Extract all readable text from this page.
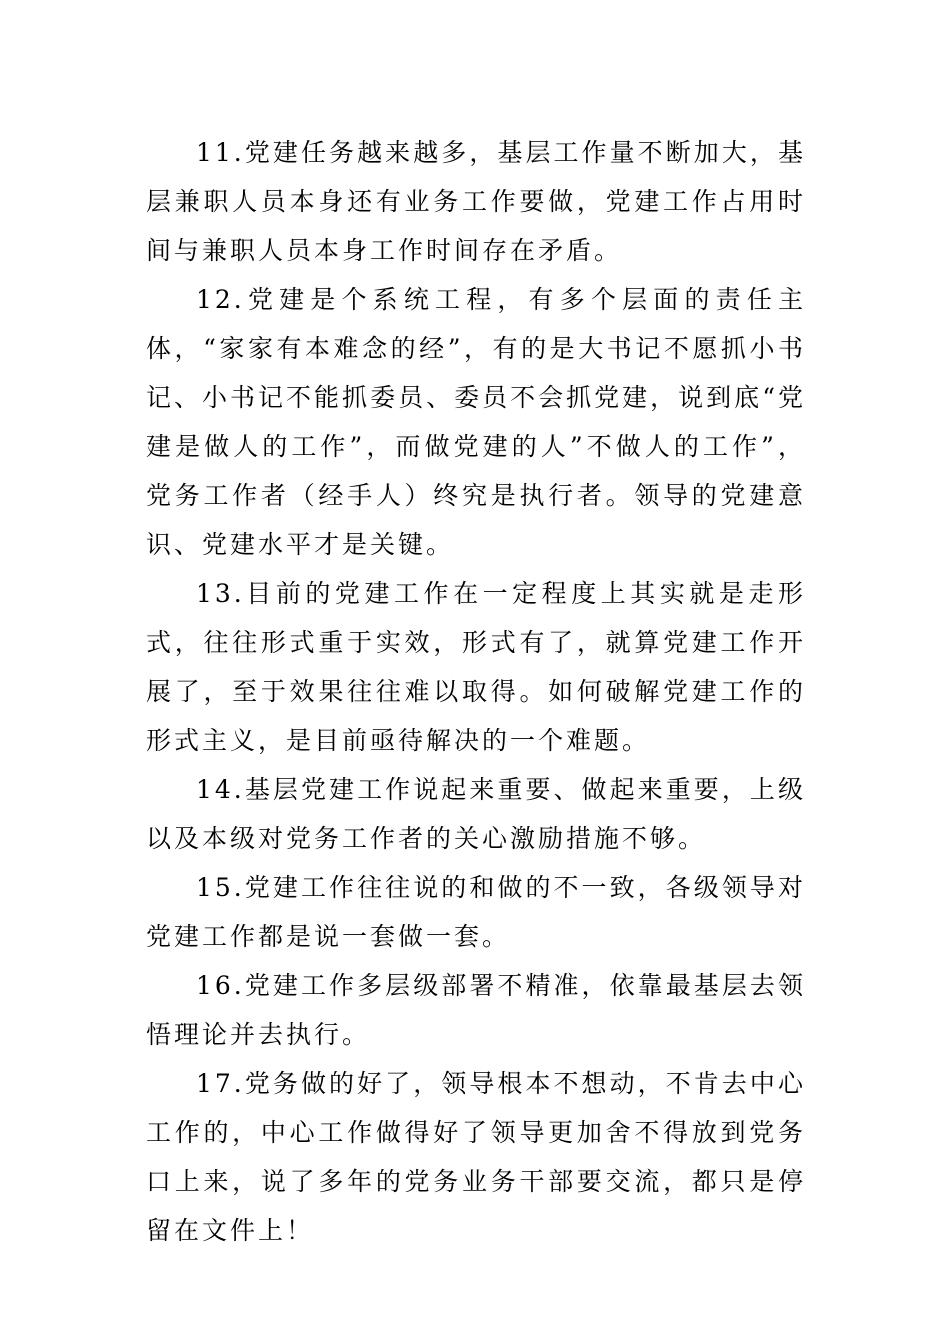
11.党建任务越来越多，基层工作量不断加大，基层兼职人员本身还有业务工作要做，党建工作占用时间与兼职人员本身工作时间存在矛盾。

12.党建是个系统工程，有多个层面的责任主体，“家家有本难念的经”，有的是大书记不愿抓小书记、小书记不能抓委员、委员不会抓党建，说到底“党建是做人的工作”，而做党建的人”不做人的工作”，党务工作者（经手人）终究是执行者。领导的党建意识、党建水平才是关键。

13.目前的党建工作在一定程度上其实就是走形式，往往形式重于实效，形式有了，就算党建工作开展了，至于效果往往难以取得。如何破解党建工作的形式主义，是目前亟待解决的一个难题。

14.基层党建工作说起来重要、做起来重要，上级以及本级对党务工作者的关心激励措施不够。

15.党建工作往往说的和做的不一致，各级领导对党建工作都是说一套做一套。

16.党建工作多层级部署不精准，依靠最基层去领悟理论并去执行。

17.党务做的好了，领导根本不想动，不肯去中心工作的，中心工作做得好了领导更加舍不得放到党务口上来，说了多年的党务业务干部要交流，都只是停留在文件上！
